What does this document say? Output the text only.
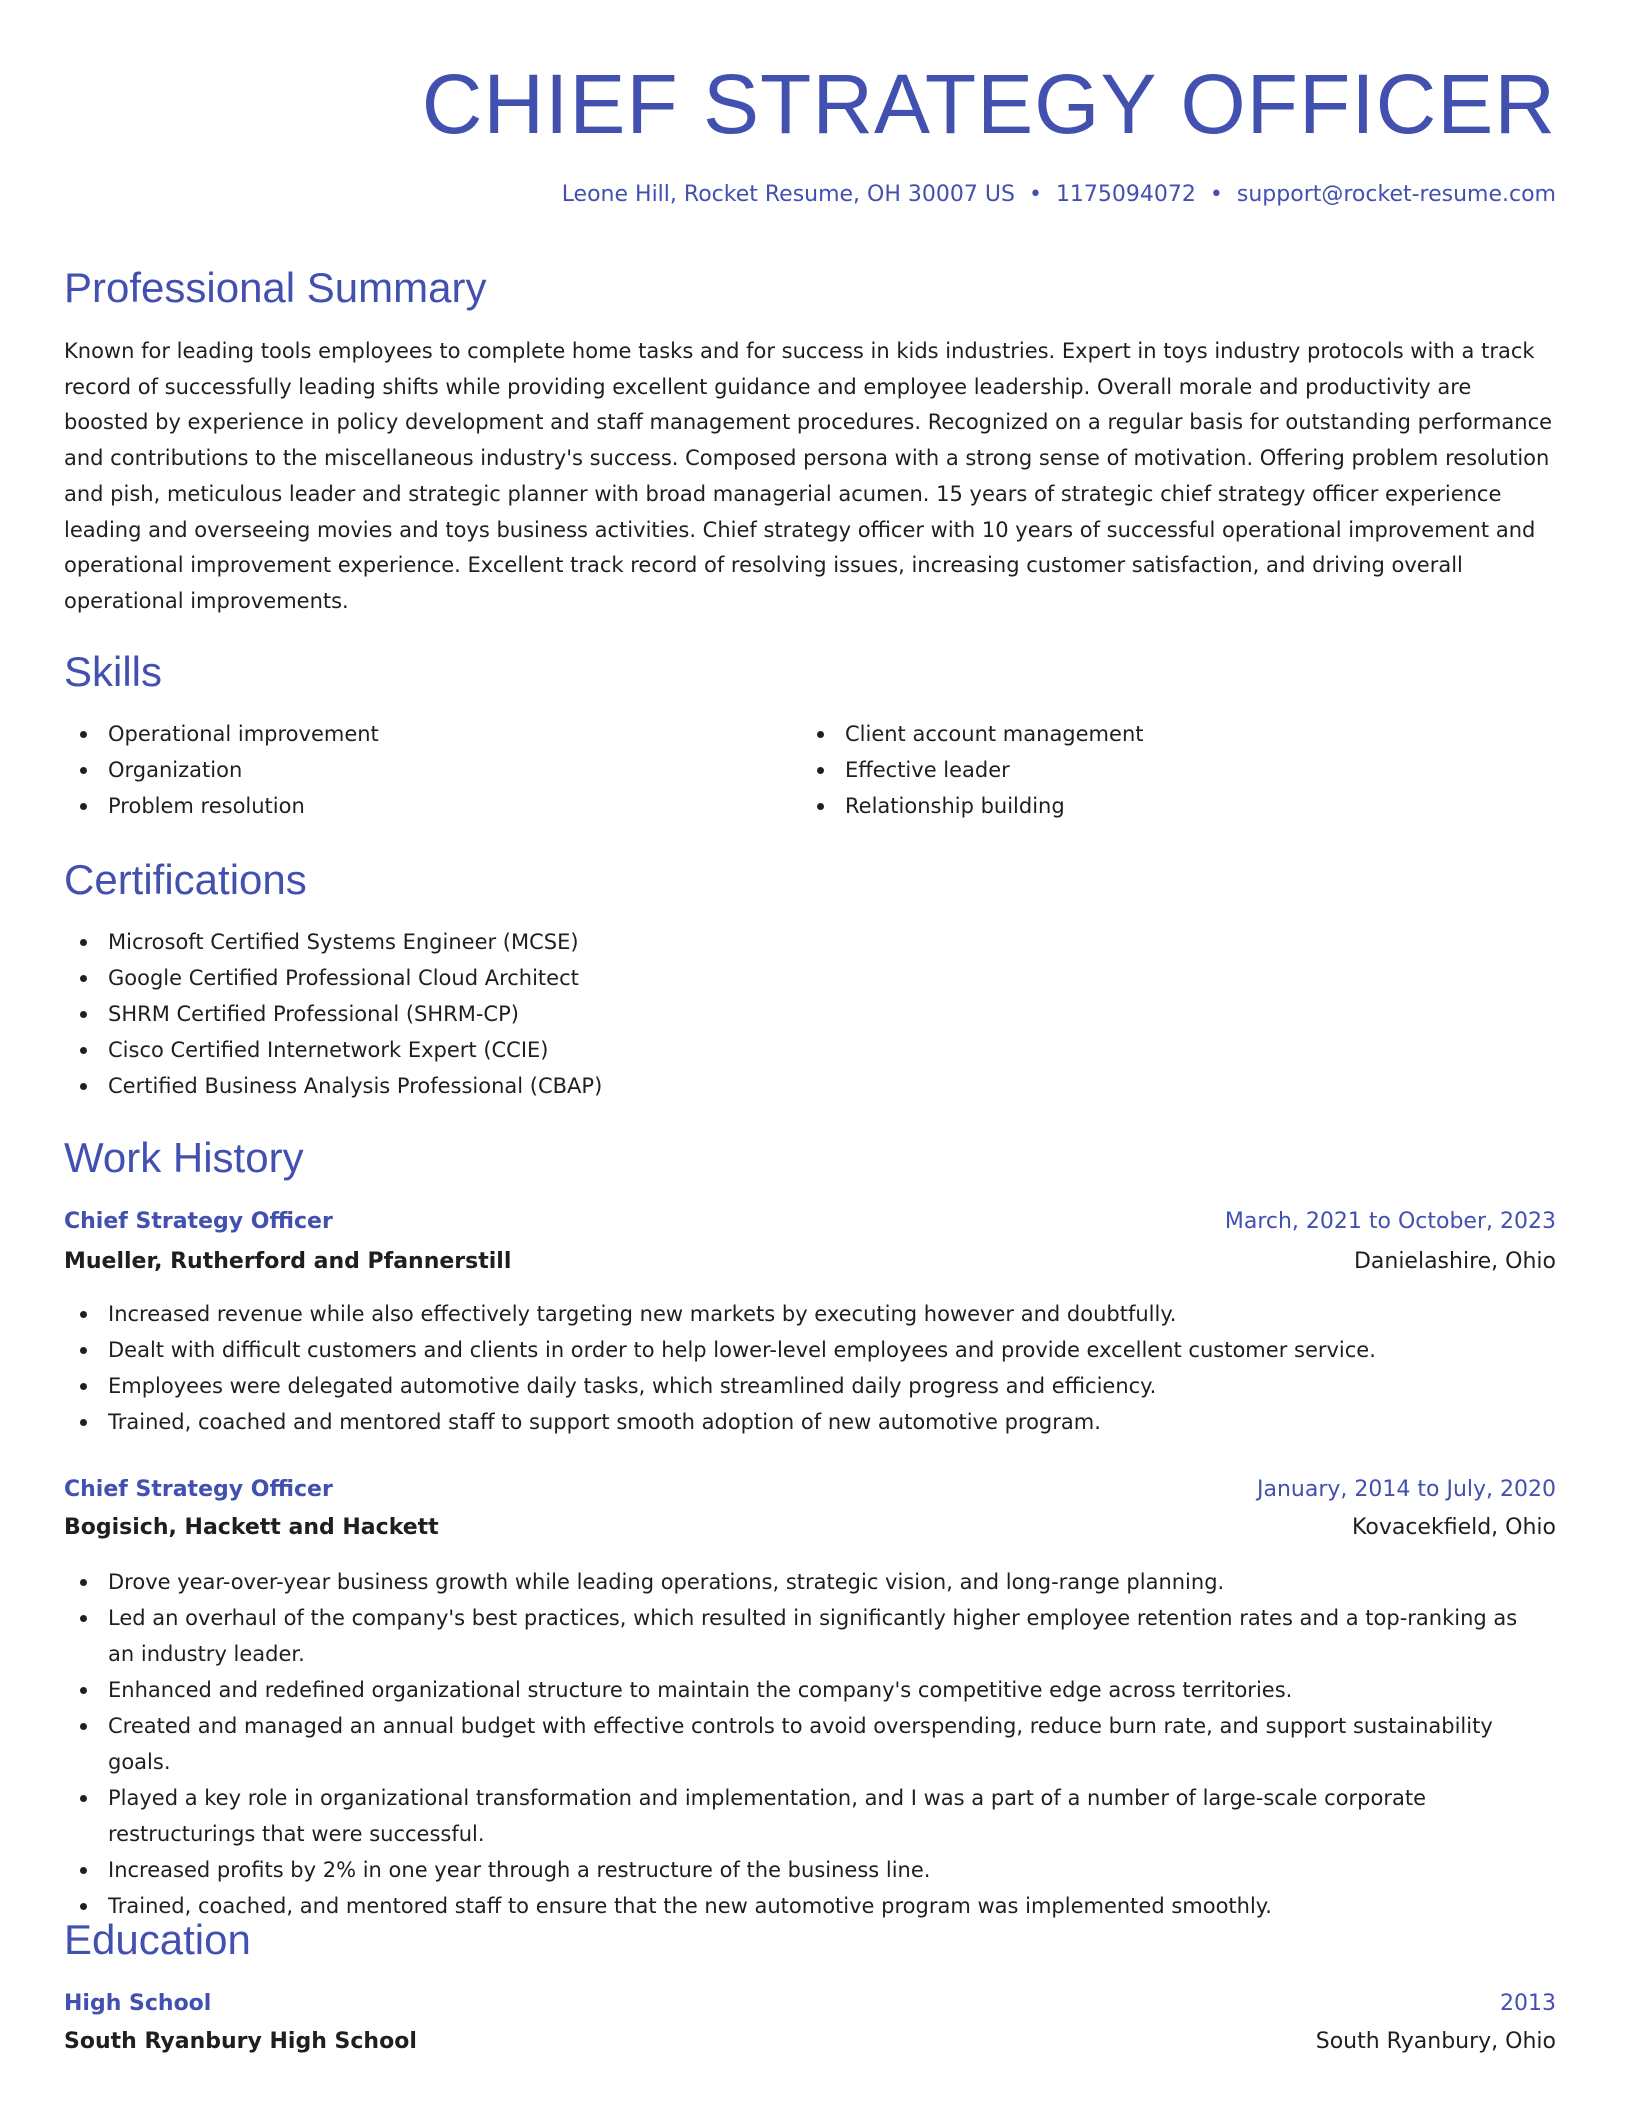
CHIEF STRATEGY OFFICER
Leone Hill, Rocket Resume, OH 30007 US • 1175094072 • support@rocket-resume.com
Professional Summary

Known for leading tools employees to complete home tasks and for success in kids industries. Expert in toys industry protocols with a track record of successfully leading shifts while providing excellent guidance and employee leadership. Overall morale and productivity are boosted by experience in policy development and staff management procedures. Recognized on a regular basis for outstanding performance and contributions to the miscellaneous industry's success. Composed persona with a strong sense of motivation. Offering problem resolution and pish, meticulous leader and strategic planner with broad managerial acumen. 15 years of strategic chief strategy officer experience leading and overseeing movies and toys business activities. Chief strategy officer with 10 years of successful operational improvement and operational improvement experience. Excellent track record of resolving issues, increasing customer satisfaction, and driving overall operational improvements.

Skills
Operational improvement
Organization
Problem resolution
Client account management
Effective leader
Relationship building
Certifications
Microsoft Certified Systems Engineer (MCSE)
Google Certified Professional Cloud Architect
SHRM Certified Professional (SHRM-CP)
Cisco Certified Internetwork Expert (CCIE)
Certified Business Analysis Professional (CBAP)
Work History
Chief Strategy Officer	March, 2021 to October, 2023
Mueller, Rutherford and Pfannerstill	Danielashire, Ohio
Increased revenue while also effectively targeting new markets by executing however and doubtfully.
Dealt with difficult customers and clients in order to help lower-level employees and provide excellent customer service.
Employees were delegated automotive daily tasks, which streamlined daily progress and efficiency.
Trained, coached and mentored staff to support smooth adoption of new automotive program.
Chief Strategy Officer	January, 2014 to July, 2020
Bogisich, Hackett and Hackett	Kovacekfield, Ohio
Drove year-over-year business growth while leading operations, strategic vision, and long-range planning.
Led an overhaul of the company's best practices, which resulted in significantly higher employee retention rates and a top-ranking as an industry leader.
Enhanced and redefined organizational structure to maintain the company's competitive edge across territories.
Created and managed an annual budget with effective controls to avoid overspending, reduce burn rate, and support sustainability goals.
Played a key role in organizational transformation and implementation, and I was a part of a number of large-scale corporate restructurings that were successful.
Increased profits by 2% in one year through a restructure of the business line.
Trained, coached, and mentored staff to ensure that the new automotive program was implemented smoothly.
Education
High School	2013
South Ryanbury High School	South Ryanbury, Ohio
